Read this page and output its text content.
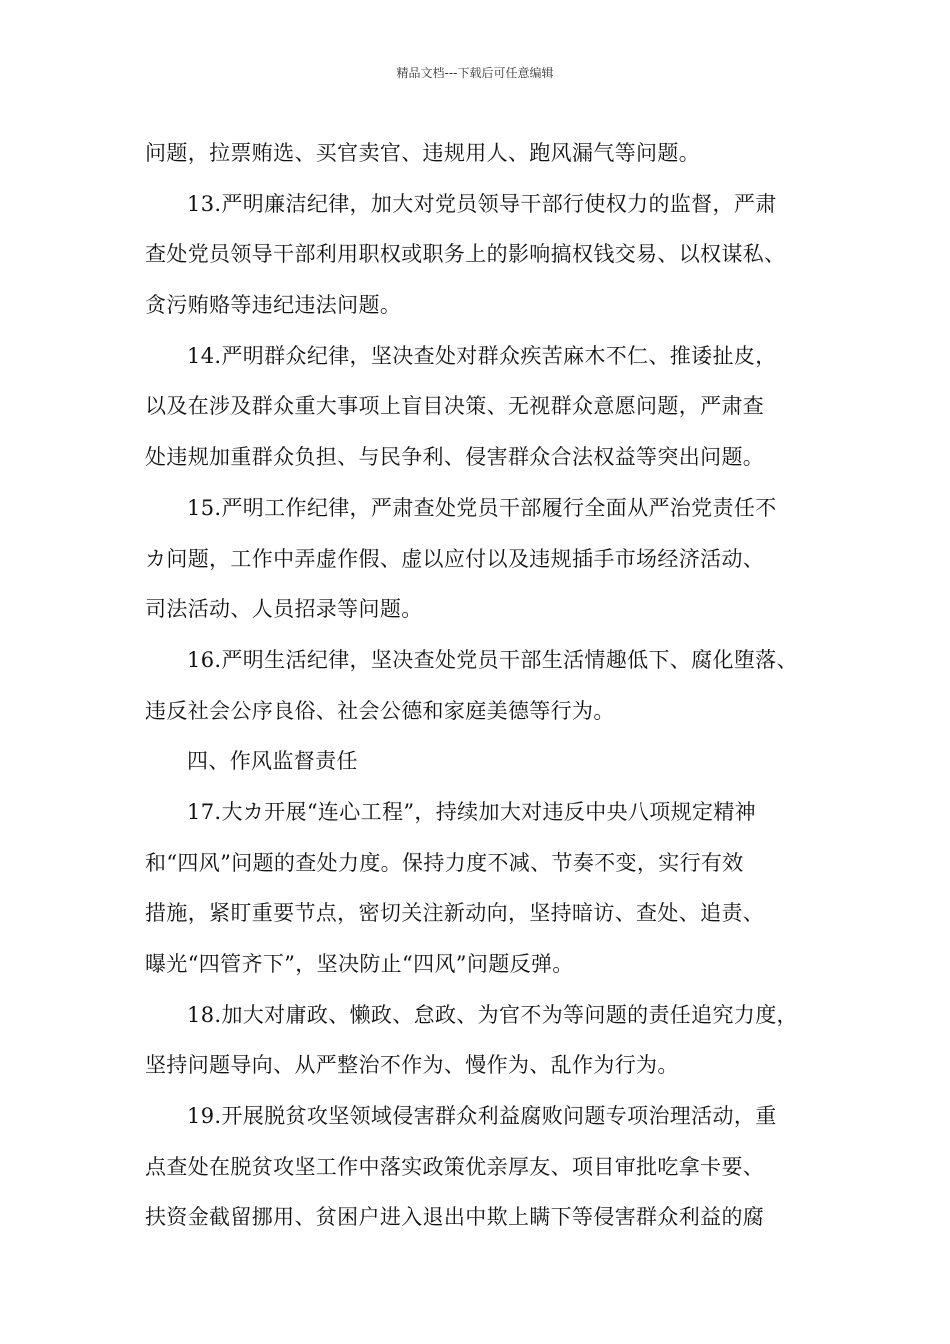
精品文档---下载后可任意编辑
问题，拉票贿选、买官卖官、违规用人、跑风漏气等问题。
13.严明廉洁纪律，加大对党员领导干部行使权力的监督，严肃
查处党员领导干部利用职权或职务上的影响搞权钱交易、以权谋私、
贪污贿赂等违纪违法问题。
14.严明群众纪律，坚决查处对群众疾苦麻木不仁、推诿扯皮，
以及在涉及群众重大事项上盲目决策、无视群众意愿问题，严肃查
处违规加重群众负担、与民争利、侵害群众合法权益等突出问题。
15.严明工作纪律，严肃查处党员干部履行全面从严治党责任不
カ问题，工作中弄虚作假、虚以应付以及违规插手市场经济活动、
司法活动、人员招录等问题。
16.严明生活纪律，坚决查处党员干部生活情趣低下、腐化堕落、
违反社会公序良俗、社会公德和家庭美德等行为。
四、作风监督责任
17.大カ开展“连心工程”，持续加大对违反中央八项规定精神
和“四风”问题的查处力度。保持力度不减、节奏不变，实行有效
措施，紧盯重要节点，密切关注新动向，坚持暗访、查处、追责、
曝光“四管齐下”，坚决防止“四风”问题反弹。
18.加大对庸政、懒政、怠政、为官不为等问题的责任追究力度，
坚持问题导向、从严整治不作为、慢作为、乱作为行为。
19.开展脱贫攻坚领域侵害群众利益腐败问题专项治理活动，重
点查处在脱贫攻坚工作中落实政策优亲厚友、项目审批吃拿卡要、
扶资金截留挪用、贫困户进入退出中欺上瞒下等侵害群众利益的腐
